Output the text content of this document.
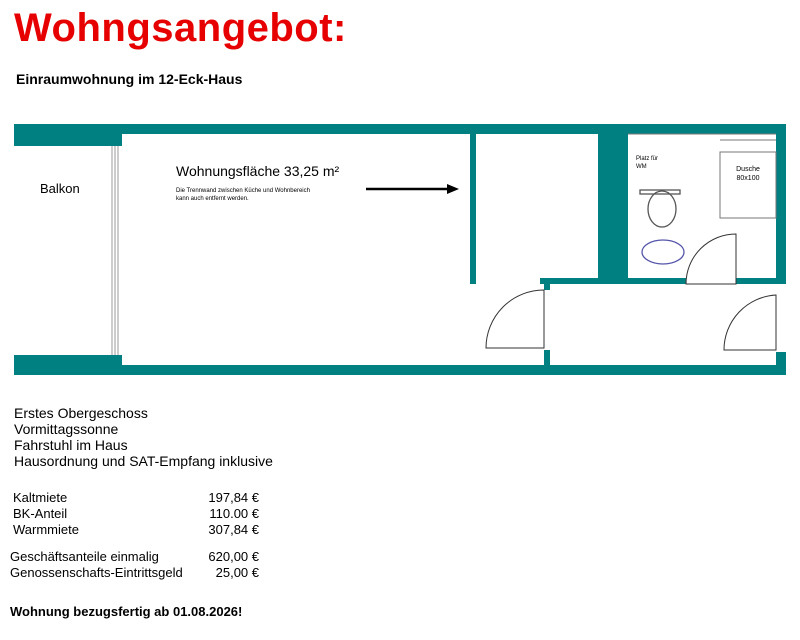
Wohngsangebot:

Einraumwohnung im 12-Eck-Haus

Balkon
Wohnungsfläche 33,25 m²
Die Trennwand zwischen Küche und Wohnbereich
kann auch entfernt werden.
Platz für
WM	Dusche
80x100
Erstes Obergeschoss
Vormittagssonne
Fahrstuhl im Haus
Hausordnung und SAT-Empfang inklusive
Kaltmiete	197,84 €
BK-Anteil	110.00 €
Warmmiete	307,84 €
Geschäftsanteile einmalig	620,00 €
Genossenschafts-Eintrittsgeld	25,00 €

Wohnung bezugsfertig ab 01.08.2026!
